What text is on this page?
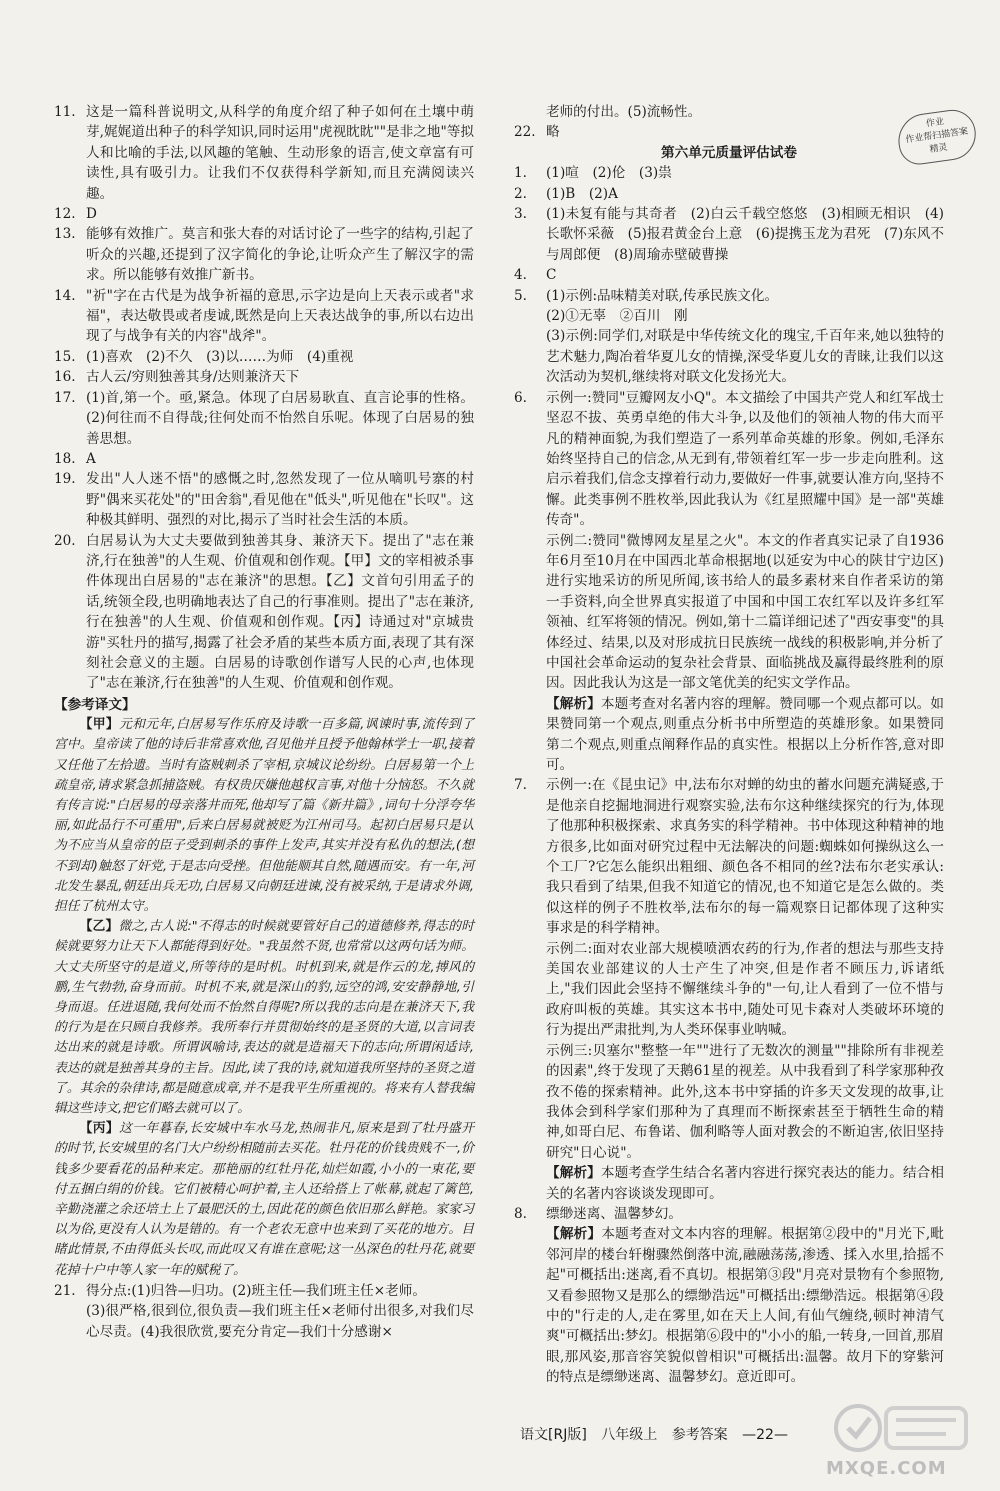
11. 这是一篇科普说明文,从科学的角度介绍了种子如何在土壤中萌芽,娓娓道出种子的科学知识,同时运用"虎视眈眈""是非之地"等拟人和比喻的手法,以风趣的笔触、生动形象的语言,使文章富有可读性,具有吸引力。让我们不仅获得科学新知,而且充满阅读兴趣。
12. D
13. 能够有效推广。莫言和张大春的对话讨论了一些字的结构,引起了听众的兴趣,还提到了汉字简化的争论,让听众产生了解汉字的需求。所以能够有效推广新书。
14. "祈"字在古代是为战争祈福的意思,示字边是向上天表示或者"求福"，表达敬畏或者虔诚,既然是向上天表达战争的事,所以右边出现了与战争有关的内容"战斧"。
15. (1)喜欢　(2)不久　(3)以……为师　(4)重视
16. 古人云/穷则独善其身/达则兼济天下
17. (1)首,第一个。亟,紧急。体现了白居易耿直、直言论事的性格。(2)何往而不自得哉;往何处而不怡然自乐呢。体现了白居易的独善思想。
18. A
19. 发出"人人迷不悟"的感慨之时,忽然发现了一位从嘀叽号寨的村野"偶来买花处"的"田舍翁",看见他在"低头",听见他在"长叹"。这种极其鲜明、强烈的对比,揭示了当时社会生活的本质。
20. 白居易认为大丈夫要做到独善其身、兼济天下。提出了"志在兼济,行在独善"的人生观、价值观和创作观。【甲】文的宰相被杀事件体现出白居易的"志在兼济"的思想。【乙】文首句引用孟子的话,统领全段,也明确地表达了自己的行事准则。提出了"志在兼济,行在独善"的人生观、价值观和创作观。【丙】诗通过对"京城贵游"买牡丹的描写,揭露了社会矛盾的某些本质方面,表现了其有深刻社会意义的主题。白居易的诗歌创作谱写人民的心声,也体现了"志在兼济,行在独善"的人生观、价值观和创作观。
【参考译文】
【甲】元和元年,白居易写作乐府及诗歌一百多篇,讽谏时事,流传到了宫中。皇帝读了他的诗后非常喜欢他,召见他并且授予他翰林学士一职,接着又任他了左拾遗。当时有盗贼刺杀了宰相,京城议论纷纷。白居易第一个上疏皇帝,请求紧急抓捕盗贼。有权贵厌嫌他越权言事,对他十分恼怒。不久就有传言说:"白居易的母亲落井而死,他却写了篇《新井篇》,词句十分浮夸华丽,如此品行不可重用",后来白居易就被贬为江州司马。起初白居易只是认为不应当从皇帝的臣子受到刺杀的事件上发声,其实并没有私仇的想法,(想不到却)触怒了奸党,于是志向受挫。但他能顺其自然,随遇而安。有一年,河北发生暴乱,朝廷出兵无功,白居易又向朝廷进谏,没有被采纳,于是请求外调,担任了杭州太守。
【乙】微之,古人说:"不得志的时候就要管好自己的道德修养,得志的时候就要努力让天下人都能得到好处。"我虽然不贤,也常常以这两句话为师。大丈夫所坚守的是道义,所等待的是时机。时机到来,就是作云的龙,搏风的鹏,生气勃勃,奋身而前。时机不来,就是深山的豹,远空的鸿,安安静静地,引身而退。任进退随,我何处而不怡然自得呢?所以我的志向是在兼济天下,我的行为是在只顾自我修养。我所奉行并贯彻始终的是圣贤的大道,以言词表达出来的就是诗歌。所谓讽喻诗,表达的就是造福天下的志向;所谓闲适诗,表达的就是独善其身的主旨。因此,读了我的诗,就知道我所坚持的圣贤之道了。其余的杂律诗,都是随意成章,并不是我平生所重视的。将来有人替我编辑这些诗文,把它们略去就可以了。
【丙】这一年暮春,长安城中车水马龙,热闹非凡,原来是到了牡丹盛开的时节,长安城里的名门大户纷纷相随前去买花。牡丹花的价钱贵贱不一,价钱多少要看花的品种来定。那艳丽的红牡丹花,灿烂如霞,小小的一束花,要付五捆白绢的价钱。它们被精心呵护着,主人还给搭上了帐幕,就起了篱笆,辛勤浇灌之余还培土上了最肥沃的土,因此花的颜色依旧那么鲜艳。家家习以为俗,更没有人认为是错的。有一个老农无意中也来到了买花的地方。目睹此情景,不由得低头长叹,而此叹又有谁在意呢;这一丛深色的牡丹花,就要花掉十户中等人家一年的赋税了。
21. 得分点:(1)归咎—归功。(2)班主任—我们班主任×老师。
(3)很严格,很到位,很负责—我们班主任×老师付出很多,对我们尽心尽责。(4)我很欣赏,要充分肯定—我们十分感谢×
老师的付出。(5)流畅性。
22. 略
第六单元质量评估试卷
1.	(1)喧　(2)伦　(3)祟
2.	(1)B　(2)A
3.	(1)未复有能与其奇者　(2)白云千载空悠悠　(3)相顾无相识　(4)长歌怀采薇　(5)报君黄金台上意　(6)提携玉龙为君死　(7)东风不与周郎便　(8)周瑜赤壁破曹操
4.	C
5.	(1)示例:品味精美对联,传承民族文化。
(2)①无辜　②百川　刚
(3)示例:同学们,对联是中华传统文化的瑰宝,千百年来,她以独特的艺术魅力,陶冶着华夏儿女的情操,深受华夏儿女的青睐,让我们以这次活动为契机,继续将对联文化发扬光大。
6.	示例一:赞同"豆瓣网友小Q"。本文描绘了中国共产党人和红军战士坚忍不拔、英勇卓绝的伟大斗争,以及他们的领袖人物的伟大而平凡的精神面貌,为我们塑造了一系列革命英雄的形象。例如,毛泽东始终坚持自己的信念,从无到有,带领着红军一步一步走向胜利。这启示着我们,信念支撑着行动力,要做好一件事,就要认准方向,坚持不懈。此类事例不胜枚举,因此我认为《红星照耀中国》是一部"英雄传奇"。
示例二:赞同"微博网友星星之火"。本文的作者真实记录了自1936年6月至10月在中国西北革命根据地(以延安为中心的陕甘宁边区)进行实地采访的所见所闻,该书给人的最多素材来自作者采访的第一手资料,向全世界真实报道了中国和中国工农红军以及许多红军领袖、红军将领的情况。例如,第十二篇详细记述了"西安事变"的具体经过、结果,以及对形成抗日民族统一战线的积极影响,并分析了中国社会革命运动的复杂社会背景、面临挑战及赢得最终胜利的原因。因此我认为这是一部文笔优美的纪实文学作品。
【解析】本题考查对名著内容的理解。赞同哪一个观点都可以。如果赞同第一个观点,则重点分析书中所塑造的英雄形象。如果赞同第二个观点,则重点阐释作品的真实性。根据以上分析作答,意对即可。
7.	示例一:在《昆虫记》中,法布尔对蝉的幼虫的蓄水问题充满疑惑,于是他亲自挖掘地洞进行观察实验,法布尔这种继续探究的行为,体现了他那种积极探索、求真务实的科学精神。书中体现这种精神的地方很多,比如面对研究过程中无法解决的问题:蜘蛛如何操纵这么一个工厂?它怎么能织出粗细、颜色各不相同的丝?法布尔老实承认:我只看到了结果,但我不知道它的情况,也不知道它是怎么做的。类似这样的例子不胜枚举,法布尔的每一篇观察日记都体现了这种实事求是的科学精神。
示例二:面对农业部大规模喷洒农药的行为,作者的想法与那些支持美国农业部建议的人士产生了冲突,但是作者不顾压力,诉诸纸上,"我们因此会坚持不懈继续斗争的"一句,让人看到了一位不惜与政府叫板的英雄。其实这本书中,随处可见卡森对人类破坏环境的行为提出严肃批判,为人类环保事业呐喊。
示例三:贝塞尔"整整一年""进行了无数次的测量""排除所有非视差的因素",终于发现了天鹅61星的视差。从中我看到了科学家那种孜孜不倦的探索精神。此外,这本书中穿插的许多天文发现的故事,让我体会到科学家们那种为了真理而不断探索甚至于牺牲生命的精神,如哥白尼、布鲁诺、伽利略等人面对教会的不断迫害,依旧坚持研究"日心说"。
【解析】本题考查学生结合名著内容进行探究表达的能力。结合相关的名著内容谈谈发现即可。
8.	缥缈迷离、温馨梦幻。
【解析】本题考查对文本内容的理解。根据第②段中的"月光下,毗邻河岸的楼台轩榭骤然倒落中流,融融荡荡,渗透、揉入水里,拾摇不起"可概括出:迷离,看不真切。根据第③段"月亮对景物有个参照物,又看参照物又是那么的缥缈浩远"可概括出:缥缈浩远。根据第④段中的"行走的人,走在雾里,如在天上人间,有仙气缠绕,顿时神清气爽"可概括出:梦幻。根据第⑥段中的"小小的船,一转身,一回首,那眉眼,那风姿,那音容笑貌似曾相识"可概括出:温馨。故月下的穿紫河的特点是缥缈迷离、温馨梦幻。意近即可。
作业
作业帮扫描答案
精灵
语文[RJ版] 八年级上 参考答案 —22—
MXQE.COM
